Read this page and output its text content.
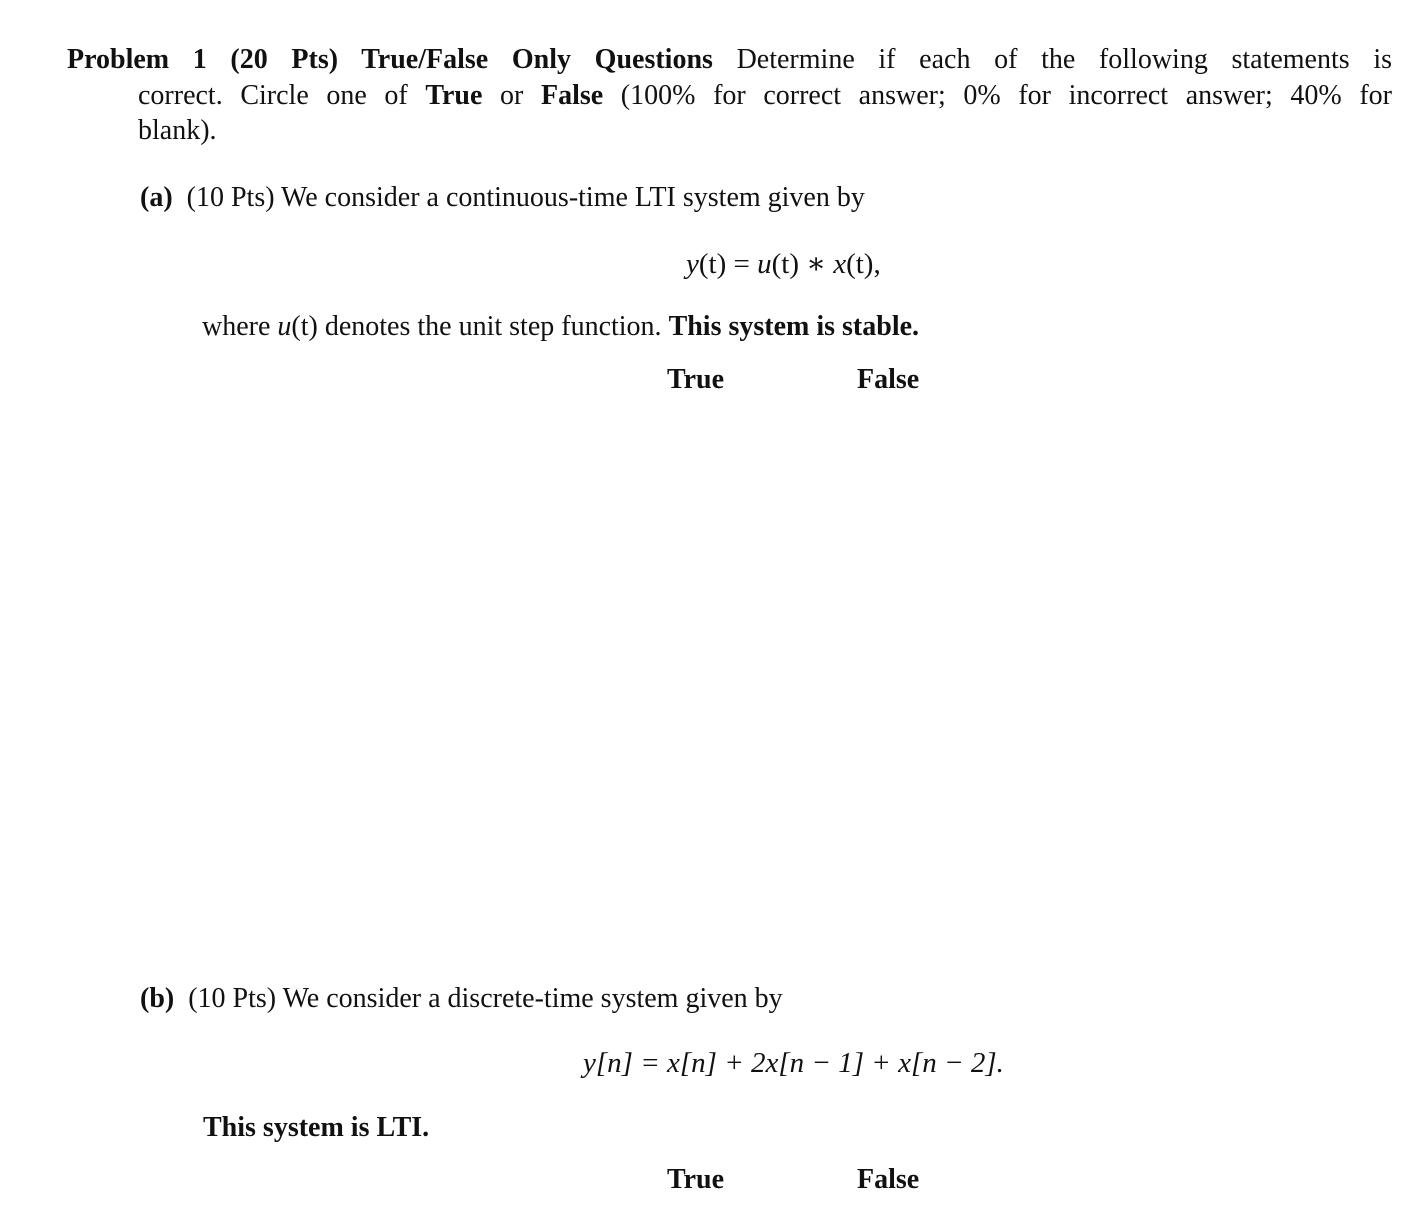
Problem 1 (20 Pts) True/False Only Questions Determine if each of the following statements is
correct. Circle one of True or False (100% for correct answer; 0% for incorrect answer; 40% for
blank).
(a) (10 Pts) We consider a continuous-time LTI system given by
y(t) = u(t) ∗ x(t),
where u(t) denotes the unit step function. This system is stable.
True	False
(b) (10 Pts) We consider a discrete-time system given by
y[n] = x[n] + 2x[n − 1] + x[n − 2].
This system is LTI.
True	False
